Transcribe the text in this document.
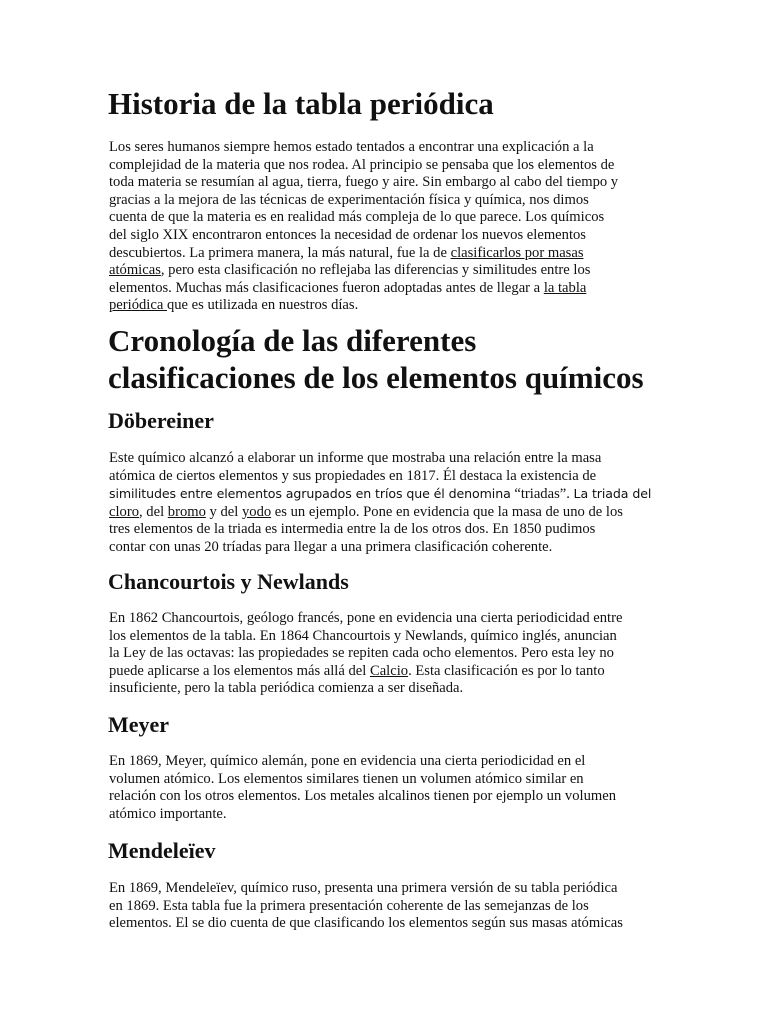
Historia de la tabla periódica
Los seres humanos siempre hemos estado tentados a encontrar una explicación a la
complejidad de la materia que nos rodea. Al principio se pensaba que los elementos de
toda materia se resumían al agua, tierra, fuego y aire. Sin embargo al cabo del tiempo y
gracias a la mejora de las técnicas de experimentación física y química, nos dimos
cuenta de que la materia es en realidad más compleja de lo que parece. Los químicos
del siglo XIX encontraron entonces la necesidad de ordenar los nuevos elementos
descubiertos. La primera manera, la más natural, fue la de clasificarlos por masas
atómicas, pero esta clasificación no reflejaba las diferencias y similitudes entre los
elementos. Muchas más clasificaciones fueron adoptadas antes de llegar a la tabla
periódica que es utilizada en nuestros días.
Cronología de las diferentes
clasificaciones de los elementos químicos
Döbereiner
Este químico alcanzó a elaborar un informe que mostraba una relación entre la masa
atómica de ciertos elementos y sus propiedades en 1817. Él destaca la existencia de
similitudes entre elementos agrupados en tríos que él denomina “triadas”. La triada del
cloro, del bromo y del yodo es un ejemplo. Pone en evidencia que la masa de uno de los
tres elementos de la triada es intermedia entre la de los otros dos. En 1850 pudimos
contar con unas 20 tríadas para llegar a una primera clasificación coherente.
Chancourtois y Newlands
En 1862 Chancourtois, geólogo francés, pone en evidencia una cierta periodicidad entre
los elementos de la tabla. En 1864 Chancourtois y Newlands, químico inglés, anuncian
la Ley de las octavas: las propiedades se repiten cada ocho elementos. Pero esta ley no
puede aplicarse a los elementos más allá del Calcio. Esta clasificación es por lo tanto
insuficiente, pero la tabla periódica comienza a ser diseñada.
Meyer
En 1869, Meyer, químico alemán, pone en evidencia una cierta periodicidad en el
volumen atómico. Los elementos similares tienen un volumen atómico similar en
relación con los otros elementos. Los metales alcalinos tienen por ejemplo un volumen
atómico importante.
Mendeleïev
En 1869, Mendeleïev, químico ruso, presenta una primera versión de su tabla periódica
en 1869. Esta tabla fue la primera presentación coherente de las semejanzas de los
elementos. El se dio cuenta de que clasificando los elementos según sus masas atómicas
